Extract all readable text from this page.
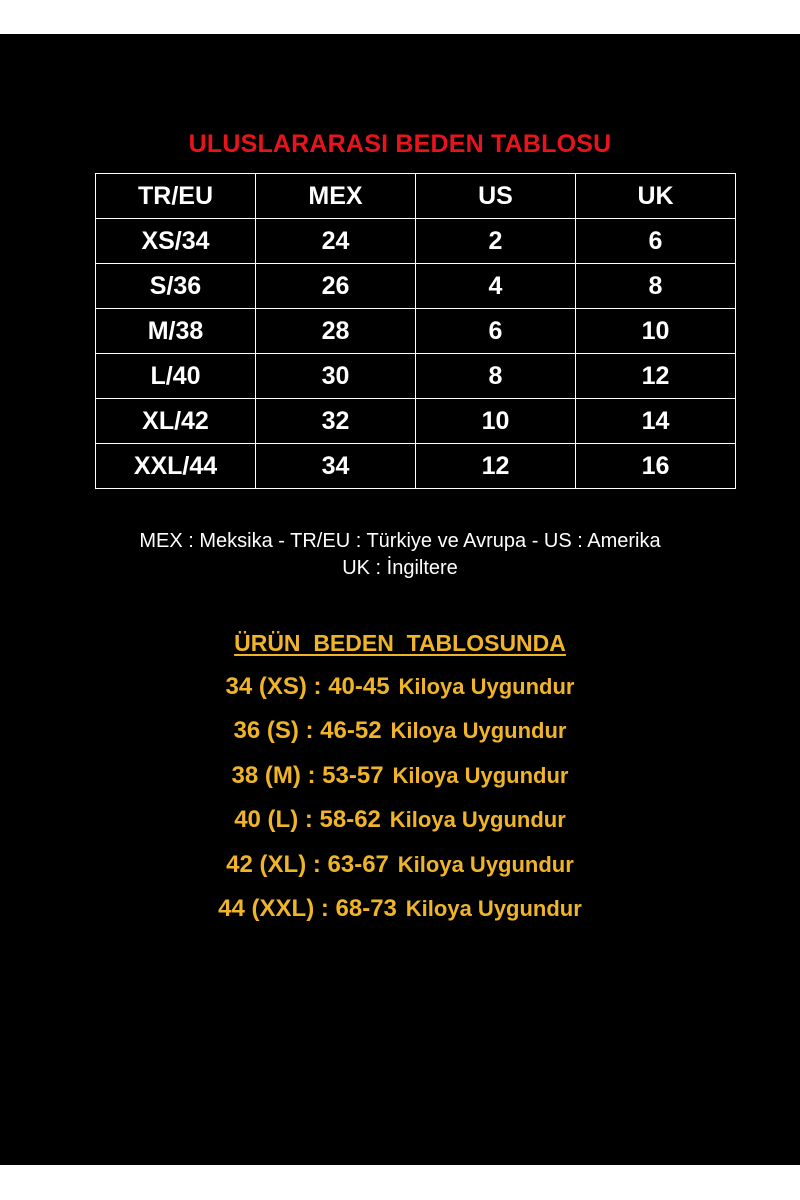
ULUSLARARASI BEDEN TABLOSU
TR/EU	MEX	US	UK
XS/34	24	2	6
S/36	26	4	8
M/38	28	6	10
L/40	30	8	12
XL/42	32	10	14
XXL/44	34	12	16
MEX : Meksika - TR/EU : Türkiye ve Avrupa - US : Amerika
UK : İngiltere
ÜRÜN  BEDEN  TABLOSUNDA
34 (XS) : 40-45 Kiloya Uygundur
36 (S) : 46-52 Kiloya Uygundur
38 (M) : 53-57 Kiloya Uygundur
40 (L) : 58-62 Kiloya Uygundur
42 (XL) : 63-67 Kiloya Uygundur
44 (XXL) : 68-73 Kiloya Uygundur
